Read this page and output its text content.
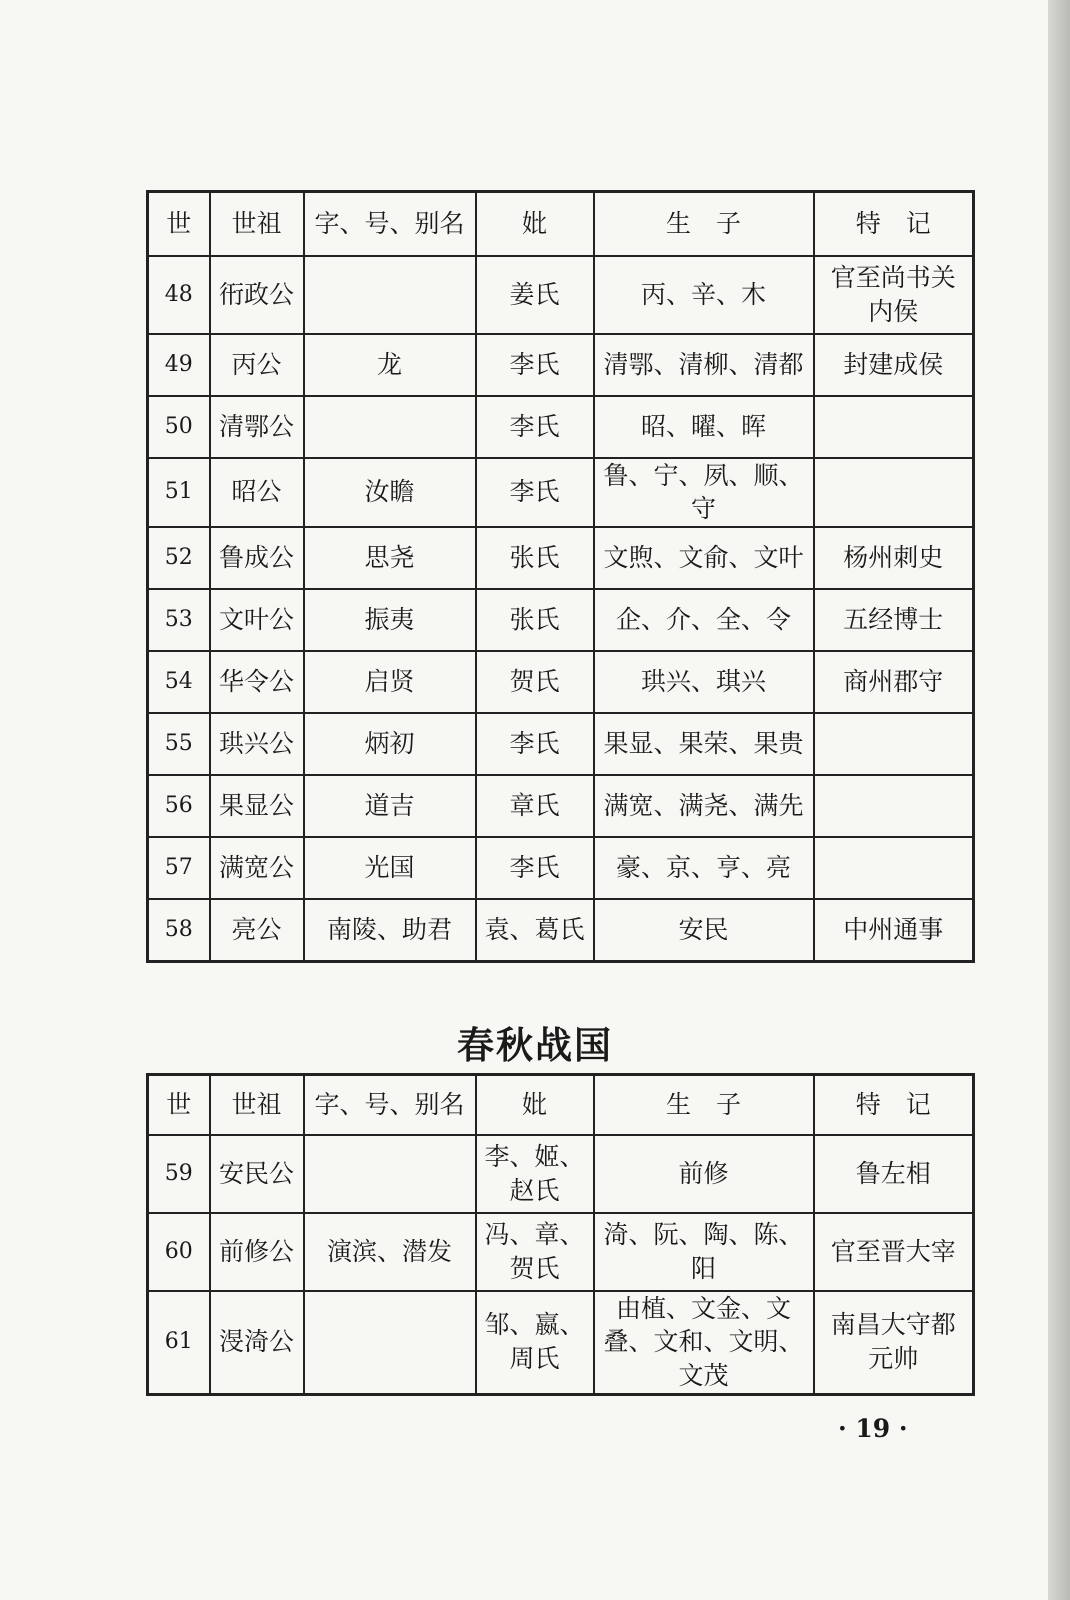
世	世祖	字、号、别名	妣	生　子	特　记
48	衎政公		姜氏	丙、辛、木	官至尚书关内侯
49	丙公	龙	李氏	清鄂、清柳、清都	封建成侯
50	清鄂公		李氏	昭、曜、晖	
51	昭公	汝瞻	李氏	鲁、宁、夙、顺、守	
52	鲁成公	思尧	张氏	文煦、文俞、文叶	杨州刺史
53	文叶公	振夷	张氏	企、介、全、令	五经博士
54	华令公	启贤	贺氏	珙兴、琪兴	商州郡守
55	珙兴公	炳初	李氏	果显、果荣、果贵	
56	果显公	道吉	章氏	满宽、满尧、满先	
57	满宽公	光国	李氏	豪、京、亨、亮	
58	亮公	南陵、助君	袁、葛氏	安民	中州通事
春秋战国
世	世祖	字、号、别名	妣	生　子	特　记
59	安民公		李、姬、赵氏	前修	鲁左相
60	前修公	演滨、潜发	冯、章、贺氏	渏、阮、陶、陈、阳	官至晋大宰
61	渂渏公		邹、嬴、周氏	由植、文金、文叠、文和、文明、文茂	南昌大守都元帅
· 19 ·
